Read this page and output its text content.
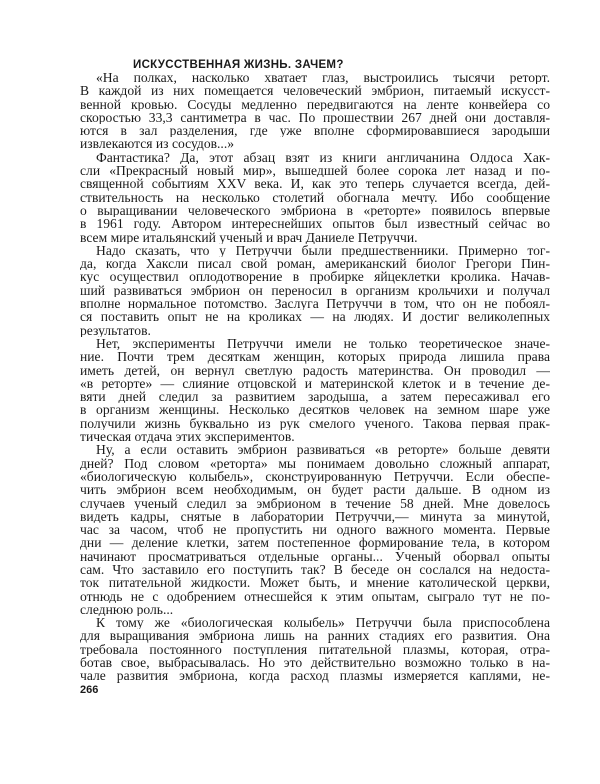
ИСКУССТВЕННАЯ ЖИЗНЬ. ЗАЧЕМ?
«На полках, насколько хватает глаз, выстроились тысячи реторт.
В каждой из них помещается человеческий эмбрион, питаемый искусст-
венной кровью. Сосуды медленно передвигаются на ленте конвейера со
скоростью 33,3 сантиметра в час. По прошествии 267 дней они доставля-
ются в зал разделения, где уже вполне сформировавшиеся зародыши
извлекаются из сосудов...»
Фантастика? Да, этот абзац взят из книги англичанина Олдоса Хак-
сли «Прекрасный новый мир», вышедшей более сорока лет назад и по-
священной событиям XXV века. И, как это теперь случается всегда, дей-
ствительность на несколько столетий обогнала мечту. Ибо сообщение
о выращивании человеческого эмбриона в «реторте» появилось впервые
в 1961 году. Автором интереснейших опытов был известный сейчас во
всем мире итальянский ученый и врач Даниеле Петруччи.
Надо сказать, что у Петруччи были предшественники. Примерно тог-
да, когда Хаксли писал свой роман, американский биолог Грегори Пин-
кус осуществил оплодотворение в пробирке яйцеклетки кролика. Начав-
ший развиваться эмбрион он переносил в организм крольчихи и получал
вполне нормальное потомство. Заслуга Петруччи в том, что он не побоял-
ся поставить опыт не на кроликах — на людях. И достиг великолепных
результатов.
Нет, эксперименты Петруччи имели не только теоретическое значе-
ние. Почти трем десяткам женщин, которых природа лишила права
иметь детей, он вернул светлую радость материнства. Он проводил —
«в реторте» — слияние отцовской и материнской клеток и в течение де-
вяти дней следил за развитием зародыша, а затем пересаживал его
в организм женщины. Несколько десятков человек на земном шаре уже
получили жизнь буквально из рук смелого ученого. Такова первая прак-
тическая отдача этих экспериментов.
Ну, а если оставить эмбрион развиваться «в реторте» больше девяти
дней? Под словом «реторта» мы понимаем довольно сложный аппарат,
«биологическую колыбель», сконструированную Петруччи. Если обеспе-
чить эмбрион всем необходимым, он будет расти дальше. В одном из
случаев ученый следил за эмбрионом в течение 58 дней. Мне довелось
видеть кадры, снятые в лаборатории Петруччи,— минута за минутой,
час за часом, чтоб не пропустить ни одного важного момента. Первые
дни — деление клетки, затем постепенное формирование тела, в котором
начинают просматриваться отдельные органы... Ученый оборвал опыты
сам. Что заставило его поступить так? В беседе он сослался на недоста-
ток питательной жидкости. Может быть, и мнение католической церкви,
отнюдь не с одобрением отнесшейся к этим опытам, сыграло тут не по-
следнюю роль...
К тому же «биологическая колыбель» Петруччи была приспособлена
для выращивания эмбриона лишь на ранних стадиях его развития. Она
требовала постоянного поступления питательной плазмы, которая, отра-
ботав свое, выбрасывалась. Но это действительно возможно только в на-
чале развития эмбриона, когда расход плазмы измеряется каплями, не-
266
